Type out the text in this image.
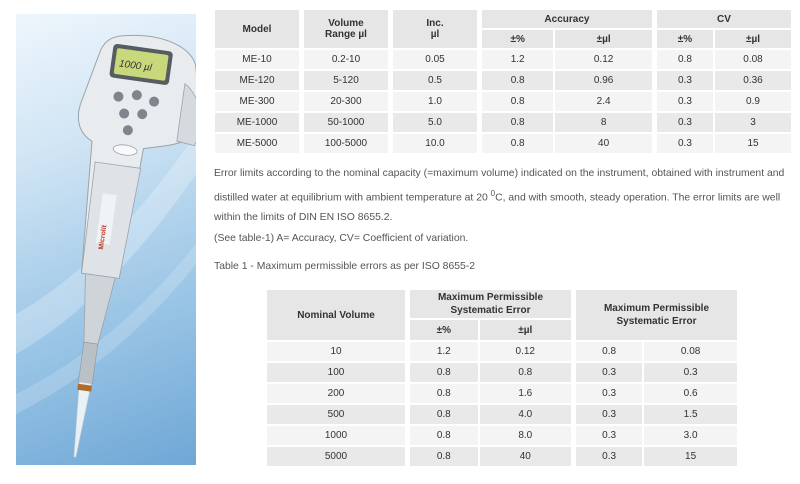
1000 µl
Microlit
Model		Volume
Range µl		Inc.
µl		Accuracy			CV	
						±%	±µl		±%	±µl
ME-10		0.2-10		0.05		1.2	0.12		0.8	0.08
ME-120		5-120		0.5		0.8	0.96		0.3	0.36
ME-300		20-300		1.0		0.8	2.4		0.3	0.9
ME-1000		50-1000		5.0		0.8	8		0.3	3
ME-5000		100-5000		10.0		0.8	40		0.3	15

Error limits according to the nominal capacity (=maximum volume) indicated on the instrument, obtained with instrument and distilled water at equilibrium with ambient temperature at 20 $^0$C, and with smooth, steady operation. The error limits are well within the limits of DIN EN ISO 8655.2.

(See table-1) A= Accuracy, CV= Coefficient of variation.

Table 1 - Maximum permissible errors as per ISO 8655-2

Nominal Volume		Maximum Permissible
Systematic Error			Maximum Permissible
Systematic Error	
		±%	±µl			
10		1.2	0.12		0.8	0.08
100		0.8	0.8		0.3	0.3
200		0.8	1.6		0.3	0.6
500		0.8	4.0		0.3	1.5
1000		0.8	8.0		0.3	3.0
5000		0.8	40		0.3	15
